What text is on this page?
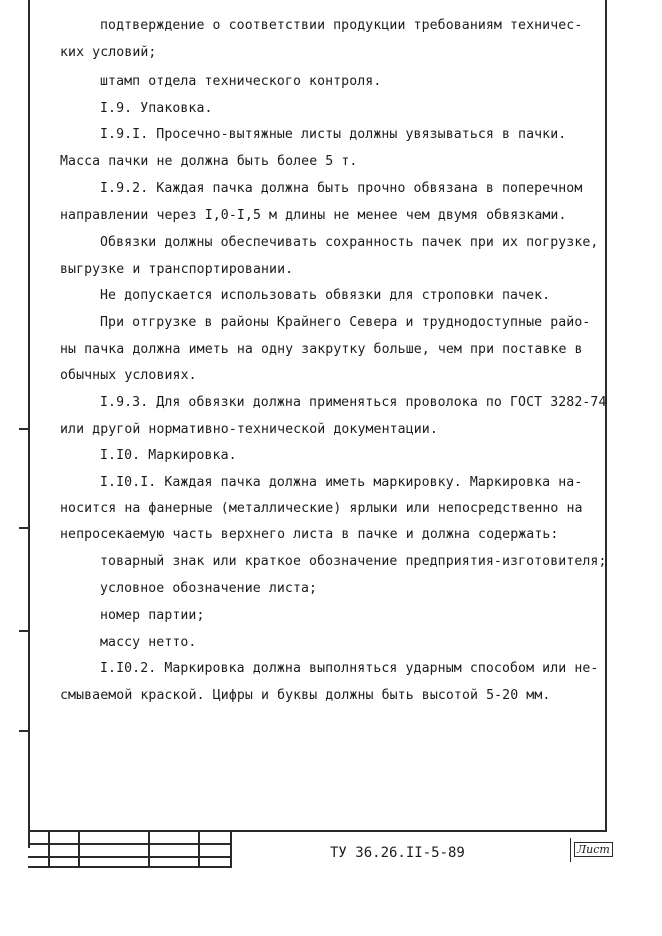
подтверждение о соответствии продукции требованиям техничес-
ких условий;
штамп отдела технического контроля.
I.9. Упаковка.
I.9.I. Просечно-вытяжные листы должны увязываться в пачки.
Масса пачки не должна быть более 5 т.
I.9.2. Каждая пачка должна быть прочно обвязана в поперечном
направлении через I,0-I,5 м длины не менее чем двумя обвязками.
Обвязки должны обеспечивать сохранность пачек при их погрузке,
выгрузке и транспортировании.
Не допускается использовать обвязки для строповки пачек.
При отгрузке в районы Крайнего Севера и труднодоступные райо-
ны пачка должна иметь на одну закрутку больше, чем при поставке в
обычных условиях.
I.9.3. Для обвязки должна применяться проволока по ГОСТ 3282-74
или другой нормативно-технической документации.
I.I0. Маркировка.
I.I0.I. Каждая пачка должна иметь маркировку. Маркировка на-
носится на фанерные (металлические) ярлыки или непосредственно на
непросекаемую часть верхнего листа в пачке и должна содержать:
товарный знак или краткое обозначение предприятия-изготовителя;
условное обозначение листа;
номер партии;
массу нетто.
I.I0.2. Маркировка должна выполняться ударным способом или не-
смываемой краской. Цифры и буквы должны быть высотой 5-20 мм.
ТУ 36.26.II-5-89	Лист
